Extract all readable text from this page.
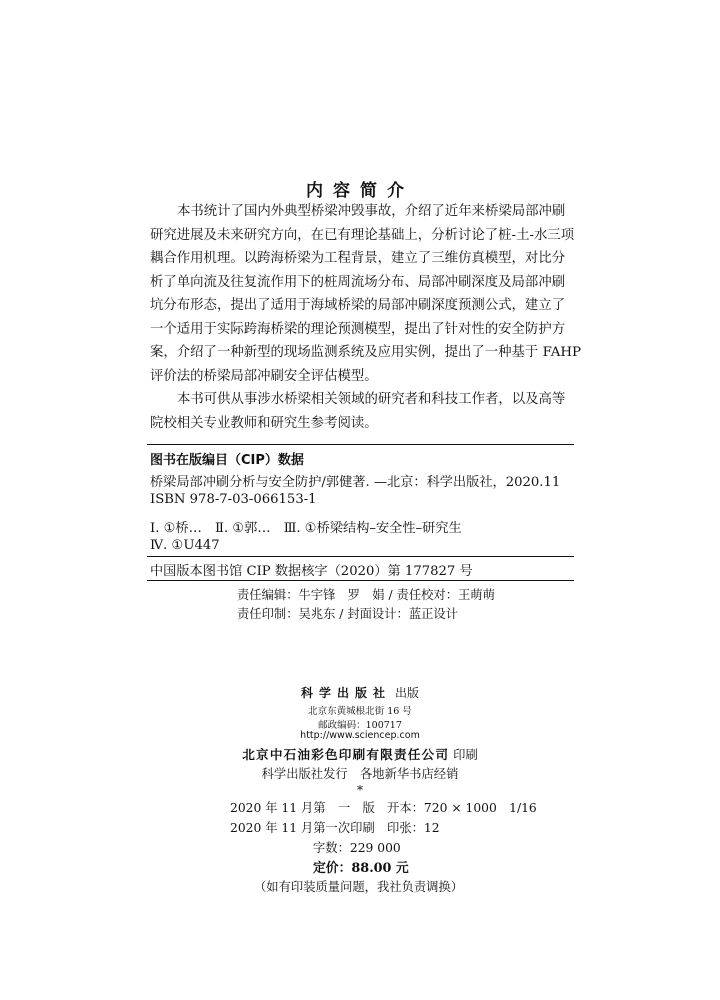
内容简介
本书统计了国内外典型桥梁冲毁事故，介绍了近年来桥梁局部冲刷
研究进展及未来研究方向，在已有理论基础上，分析讨论了桩-土-水三项
耦合作用机理。以跨海桥梁为工程背景，建立了三维仿真模型，对比分
析了单向流及往复流作用下的桩周流场分布、局部冲刷深度及局部冲刷
坑分布形态，提出了适用于海域桥梁的局部冲刷深度预测公式，建立了
一个适用于实际跨海桥梁的理论预测模型，提出了针对性的安全防护方
案，介绍了一种新型的现场监测系统及应用实例，提出了一种基于 FAHP
评价法的桥梁局部冲刷安全评估模型。
本书可供从事涉水桥梁相关领域的研究者和科技工作者，以及高等
院校相关专业教师和研究生参考阅读。
图书在版编目（CIP）数据
桥梁局部冲刷分析与安全防护/郭健著. —北京：科学出版社，2020.11
ISBN 978-7-03-066153-1
Ⅰ. ①桥…　Ⅱ. ①郭…　Ⅲ. ①桥梁结构–安全性–研究生
Ⅳ. ①U447
中国版本图书馆 CIP 数据核字（2020）第 177827 号
责任编辑：牛宇锋　罗　娟 / 责任校对：王萌萌
责任印制：吴兆东 / 封面设计：蓝正设计
科学出版社 出版
北京东黄城根北街 16 号
邮政编码：100717
http://www.sciencep.com
北京中石油彩色印刷有限责任公司 印刷
科学出版社发行　各地新华书店经销
*
2020 年 11 月第　一　版　开本：720 × 1000　1/16
2020 年 11 月第一次印刷　印张：12
字数：229 000
定价：88.00 元
（如有印装质量问题，我社负责调换）
